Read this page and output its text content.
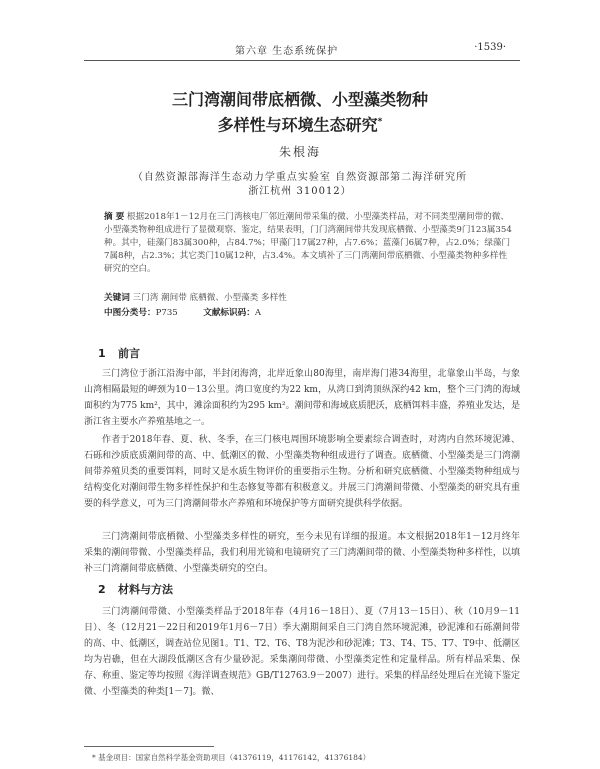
第六章 生态系统保护	·1539·
三门湾潮间带底栖微、小型藻类物种
多样性与环境生态研究*
朱根海
（自然资源部海洋生态动力学重点实验室 自然资源部第二海洋研究所
浙江杭州 310012）
摘 要 根据2018年1－12月在三门湾核电厂邻近潮间带采集的微、小型藻类样品，对不同类型潮间带的微、小型藻类物种组成进行了显微观察、鉴定，结果表明，门门湾潮间带共发现底栖微、小型藻类9门123属354种。其中，硅藻门83属300种，占84.7%；甲藻门17属27种，占7.6%；蓝藻门6属7种，占2.0%；绿藻门7属8种，占2.3%；其它类门10属12种，占3.4%。本文填补了三门湾潮间带底栖微、小型藻类物种多样性研究的空白。
关键词 三门湾 潮间带 底栖微、小型藻类 多样性
中图分类号：P735	文献标识码：A
1 前言
三门湾位于浙江沿海中部，半封闭海湾，北岸近象山80海里，南岸海门港34海里，北靠象山半岛，与象山湾相隔最短的岬颈为10－13公里。湾口宽度约为22 km，从湾口到湾顶纵深约42 km，整个三门湾的海域面积约为775 km²，其中，滩涂面积约为295 km²。潮间带和海域底质肥沃，底栖饵料丰盛，养殖业发达，是浙江省主要水产养殖基地之一。
作者于2018年春、夏、秋、冬季，在三门核电周围环境影响全要素综合调查时，对湾内自然环境泥滩、石砾和沙质底质潮间带的高、中、低潮区的微、小型藻类物种组成进行了调查。底栖微、小型藻类是三门湾潮间带养殖贝类的重要饵料，同时又是水质生物评价的重要指示生物。分析和研究底栖微、小型藻类物种组成与结构变化对潮间带生物多样性保护和生态修复等都有积极意义。并展三门湾潮间带微、小型藻类的研究具有重要的科学意义，可为三门湾潮间带水产养殖和环境保护等方面研究提供科学依据。
三门湾潮间带底栖微、小型藻类多样性的研究，至今未见有详细的报道。本文根据2018年1－12月终年采集的潮间带微、小型藻类样品，我们利用光镜和电镜研究了三门湾潮间带的微、小型藻类物种多样性，以填补三门湾潮间带底栖微、小型藻类研究的空白。
2 材料与方法
三门湾潮间带微、小型藻类样品于2018年春（4月16－18日）、夏（7月13－15日）、秋（10月9－11日）、冬（12月21－22日和2019年1月6－7日）季大潮期间采自三门湾自然环境泥滩，砂泥滩和石砾潮间带的高、中、低潮区，调查站位见图1。T1、T2、T6、T8为泥沙和砂泥滩；T3、T4、T5、T7、T9中、低潮区均为岩礁，但在大湖段低潮区含有少量砂泥。采集潮间带微、小型藻类定性和定量样品。所有样品采集、保存、称重、鉴定等均按照《海洋调查规范》GB/T12763.9－2007）进行。采集的样品经处理后在光镜下鉴定微、小型藻类的种类[1－7]。微、
* 基金项目：国家自然科学基金资助项目（41376119，41176142，41376184）
